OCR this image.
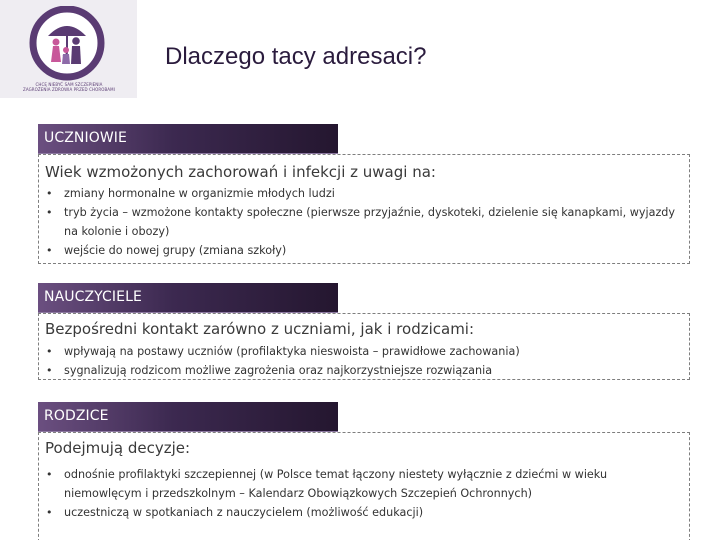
CHCĘ NIEBYĆ SAM SZCZEPIENIA
ZAGROŻENIA ZDROWIA PRZED CHOROBAMI
Dlaczego tacy adresaci?
UCZNIOWIE
Wiek wzmożonych zachorowań i infekcji z uwagi na:
• zmiany hormonalne w organizmie młodych ludzi
• tryb życia – wzmożone kontakty społeczne (pierwsze przyjaźnie, dyskoteki, dzielenie się kanapkami, wyjazdy na kolonie i obozy)
• wejście do nowej grupy (zmiana szkoły)
NAUCZYCIELE
Bezpośredni kontakt zarówno z uczniami, jak i rodzicami:
• wpływają na postawy uczniów (profilaktyka nieswoista – prawidłowe zachowania)
• sygnalizują rodzicom możliwe zagrożenia oraz najkorzystniejsze rozwiązania
RODZICE
Podejmują decyzje:
• odnośnie profilaktyki szczepiennej (w Polsce temat łączony niestety wyłącznie z dziećmi w wieku niemowlęcym i przedszkolnym – Kalendarz Obowiązkowych Szczepień Ochronnych)
• uczestniczą w spotkaniach z nauczycielem (możliwość edukacji)
